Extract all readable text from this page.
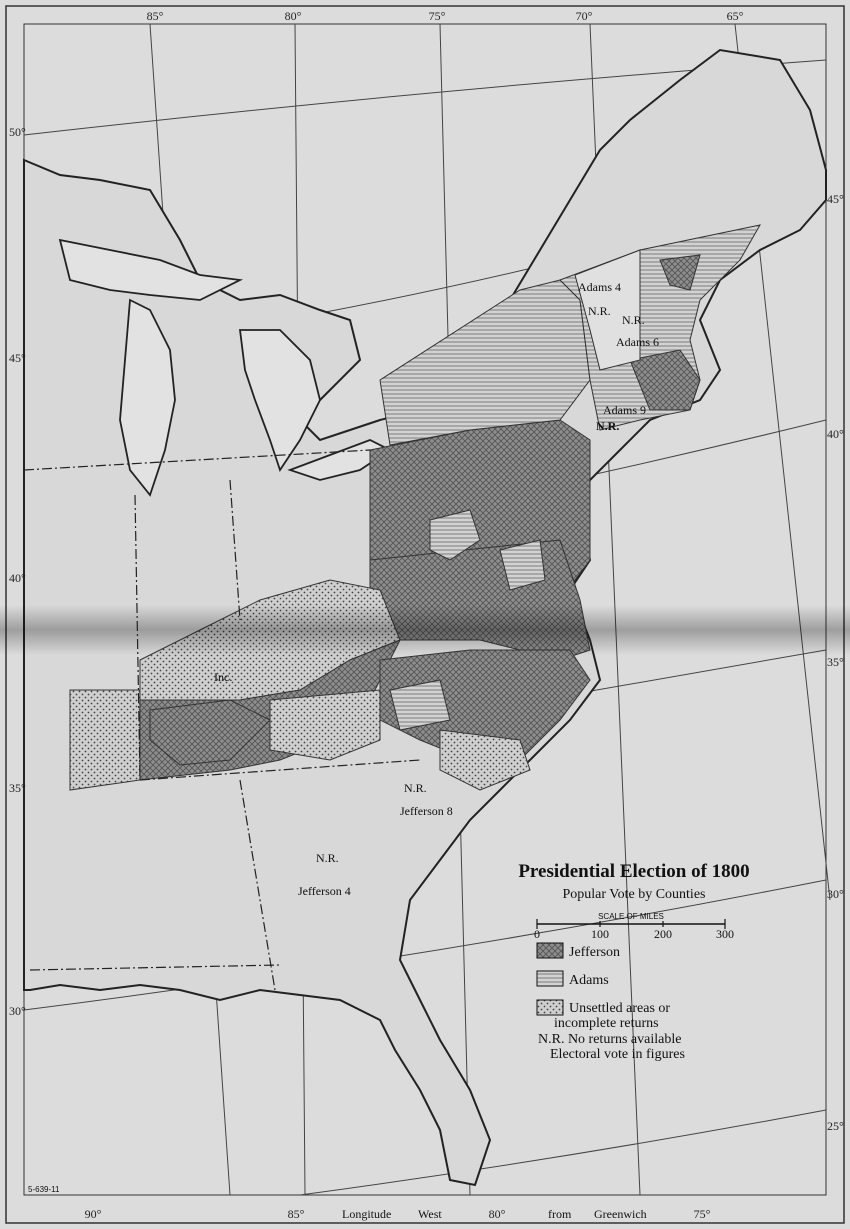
Presidential Election of 1800
Popular Vote by Counties
SCALE OF MILES
0	100	200	300
Jefferson
Adams
Unsettled areas or
incomplete returns
N.R. No returns available
Electoral vote in figures
Adams 4
N.R.
N.R.
Adams 6
Adams 9
N.R.
Inc.
N.R.
Jefferson 8
N.R.
Jefferson 4
85°	80°	75°	70°	65°
90°	85°	80°	75°
Longitude West	from Greenwich
5-639-11
50°
45°
40°
35°
30°
45°
40°
35°
30°
25°
